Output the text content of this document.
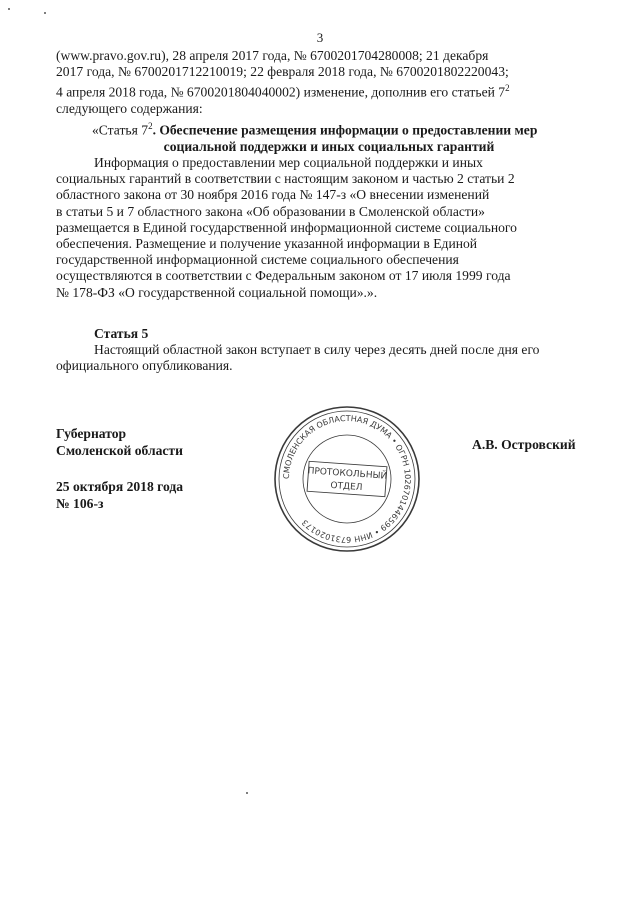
3

(www.pravo.gov.ru), 28 апреля 2017 года, № 6700201704280008; 21 декабря

2017 года, № 6700201712210019; 22 февраля 2018 года, № 6700201802220043;

4 апреля 2018 года, № 6700201804040002) изменение, дополнив его статьей $7^2$

следующего содержания:

«Статья $7^2$. Обеспечение размещения информации о предоставлении мер

социальной поддержки и иных социальных гарантий

Информация о предоставлении мер социальной поддержки и иных

социальных гарантий в соответствии с настоящим законом и частью 2 статьи 2

областного закона от 30 ноября 2016 года № 147-з «О внесении изменений

в статьи 5 и 7 областного закона «Об образовании в Смоленской области»

размещается в Единой государственной информационной системе социального

обеспечения. Размещение и получение указанной информации в Единой

государственной информационной системе социального обеспечения

осуществляются в соответствии с Федеральным законом от 17 июля 1999 года

№ 178-ФЗ «О государственной социальной помощи».».

Статья 5

Настоящий областной закон вступает в силу через десять дней после дня его

официального опубликования.

Губернатор
Смоленской области	А.В. Островский
25 октября 2018 года
№ 106-з
СМОЛЕНСКАЯ ОБЛАСТНАЯ ДУМА • ОГРН 1026701446599 • ИНН 6731020173
ПРОТОКОЛЬНЫЙ
ОТДЕЛ
